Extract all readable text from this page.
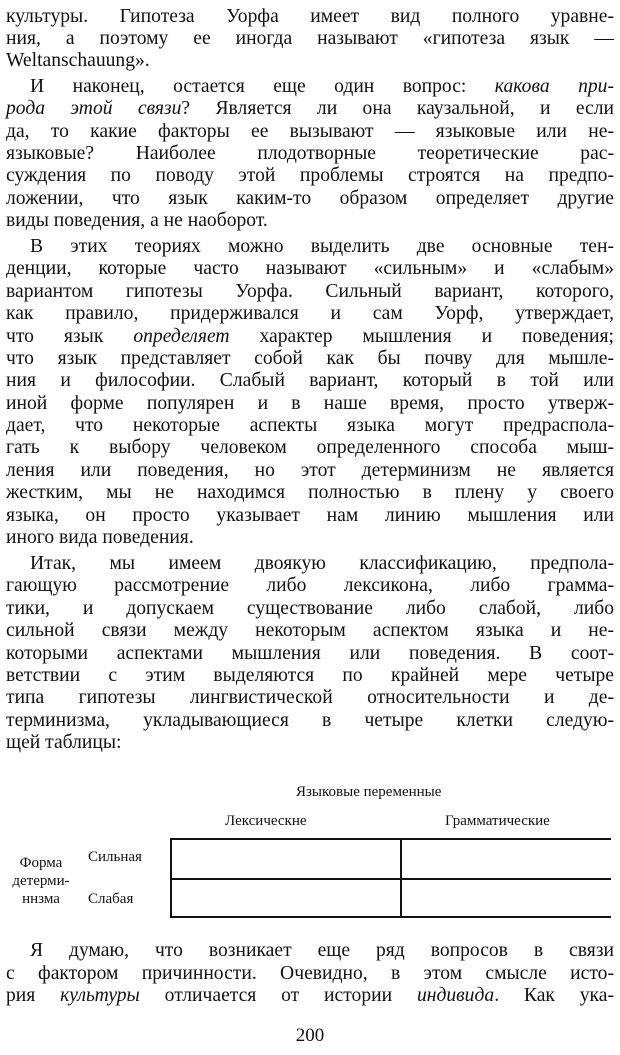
культуры. Гипотеза Уорфа имеет вид полного уравне-
ния, а поэтому ее иногда называют «гипотеза язык —
Weltanschauung».
И наконец, остается еще один вопрос: какова при-
рода этой связи? Является ли она каузальной, и если
да, то какие факторы ее вызывают — языковые или не-
языковые? Наиболее плодотворные теоретические рас-
суждения по поводу этой проблемы строятся на предпо-
ложении, что язык каким-то образом определяет другие
виды поведения, а не наоборот.
В этих теориях можно выделить две основные тен-
денции, которые часто называют «сильным» и «слабым»
вариантом гипотезы Уорфа. Сильный вариант, которого,
как правило, придерживался и сам Уорф, утверждает,
что язык определяет характер мышления и поведения;
что язык представляет собой как бы почву для мышле-
ния и философии. Слабый вариант, который в той или
иной форме популярен и в наше время, просто утверж-
дает, что некоторые аспекты языка могут предраспола-
гать к выбору человеком определенного способа мыш-
ления или поведения, но этот детерминизм не является
жестким, мы не находимся полностью в плену у своего
языка, он просто указывает нам линию мышления или
иного вида поведения.
Итак, мы имеем двоякую классификацию, предпола-
гающую рассмотрение либо лексикона, либо грамма-
тики, и допускаем существование либо слабой, либо
сильной связи между некоторым аспектом языка и не-
которыми аспектами мышления или поведения. В соот-
ветствии с этим выделяются по крайней мере четыре
типа гипотезы лингвистической относительности и де-
терминизма, укладывающиеся в четыре клетки следую-
щей таблицы:
Я думаю, что возникает еще ряд вопросов в связи
с фактором причинности. Очевидно, в этом смысле исто-
рия культуры отличается от истории индивида. Как ука-
Языковые переменные
Лексическне	Грамматические
Форма
детерми-
ннзма
Сильная
Слабая
200
